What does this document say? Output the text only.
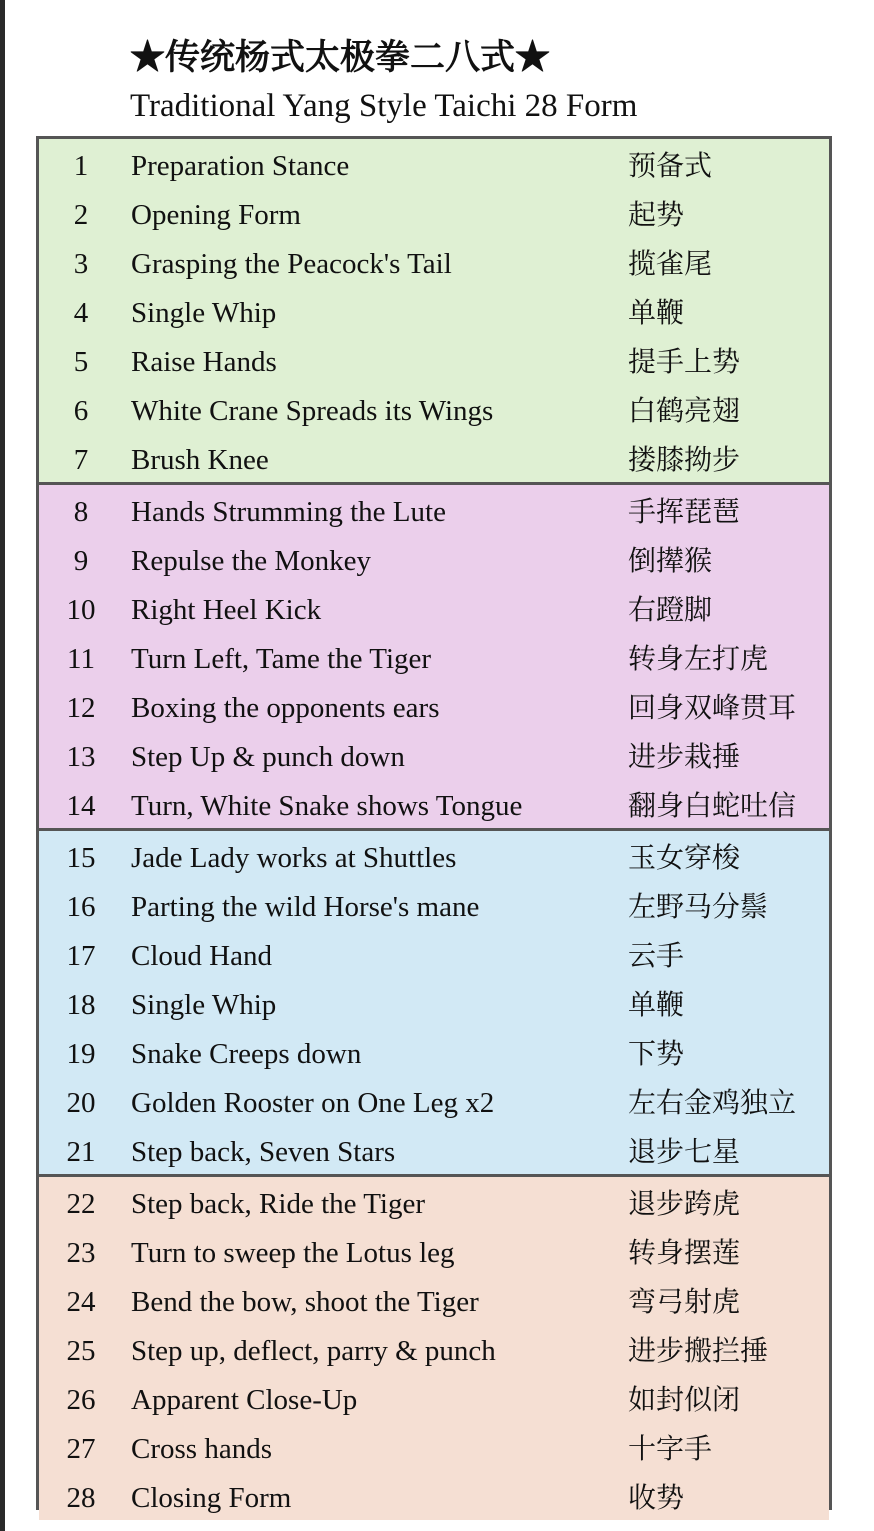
★传统杨式太极拳二八式★
Traditional Yang Style Taichi 28 Form
1	Preparation Stance	预备式
2	Opening Form	起势
3	Grasping the Peacock's Tail	揽雀尾
4	Single Whip	单鞭
5	Raise Hands	提手上势
6	White Crane Spreads its Wings	白鹤亮翅
7	Brush Knee	搂膝拗步
8	Hands Strumming the Lute	手挥琵琶
9	Repulse the Monkey	倒撵猴
10	Right Heel Kick	右蹬脚
11	Turn Left, Tame the Tiger	转身左打虎
12	Boxing the opponents ears	回身双峰贯耳
13	Step Up & punch down	进步栽捶
14	Turn, White Snake shows Tongue	翻身白蛇吐信
15	Jade Lady works at Shuttles	玉女穿梭
16	Parting the wild Horse's mane	左野马分鬃
17	Cloud Hand	云手
18	Single Whip	单鞭
19	Snake Creeps down	下势
20	Golden Rooster on One Leg x2	左右金鸡独立
21	Step back, Seven Stars	退步七星
22	Step back, Ride the Tiger	退步跨虎
23	Turn to sweep the Lotus leg	转身摆莲
24	Bend the bow, shoot the Tiger	弯弓射虎
25	Step up, deflect, parry & punch	进步搬拦捶
26	Apparent Close-Up	如封似闭
27	Cross hands	十字手
28	Closing Form	收势
